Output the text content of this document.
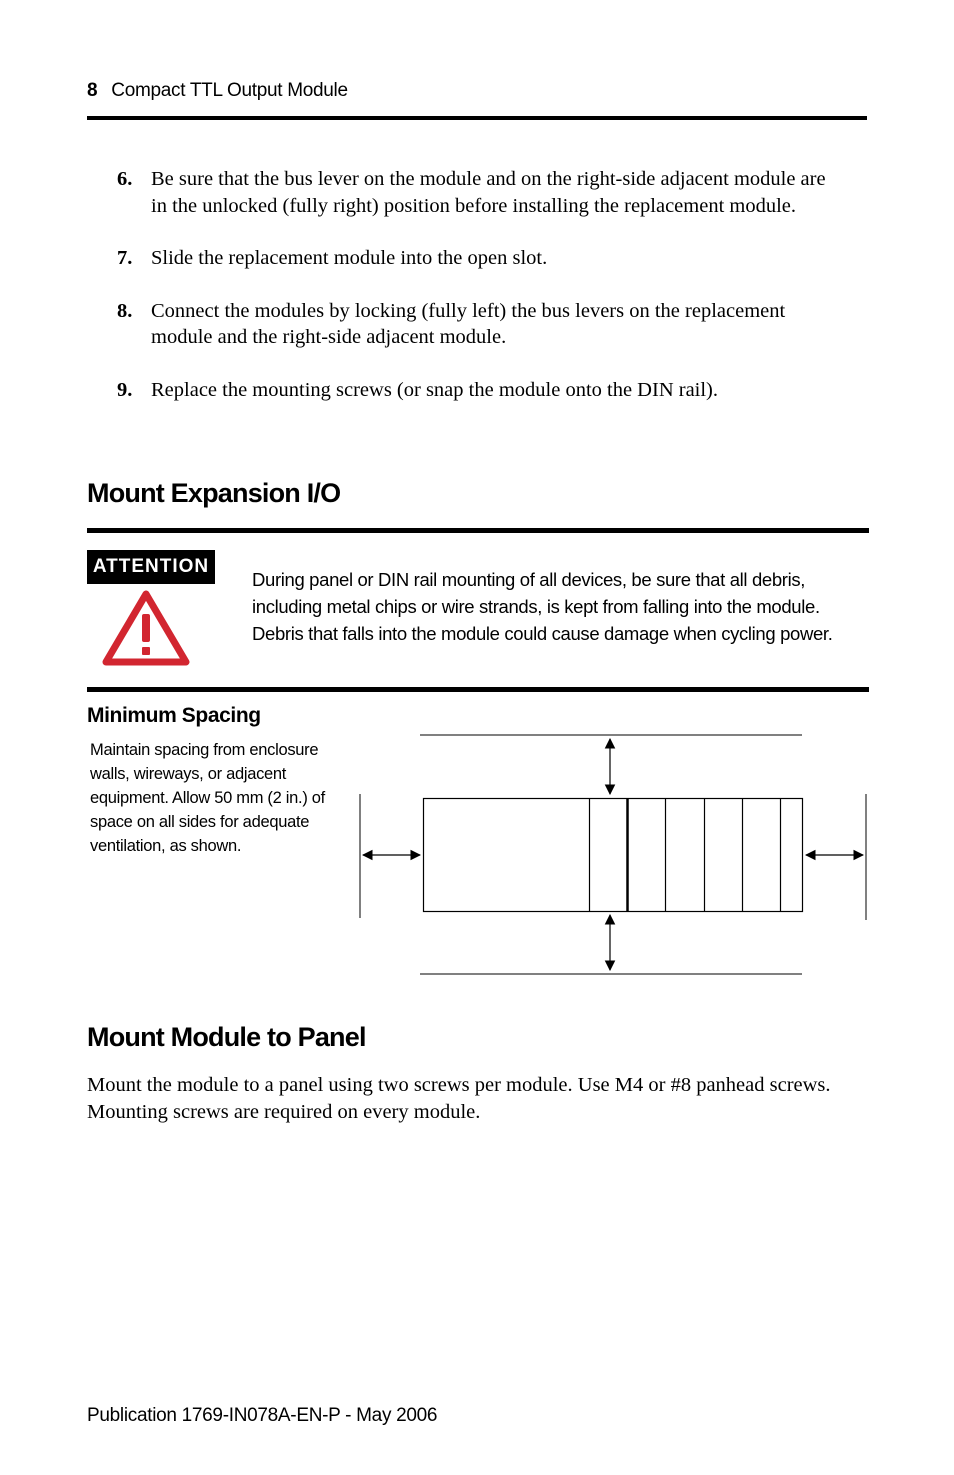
8 Compact TTL Output Module
6. Be sure that the bus lever on the module and on the right-side adjacent module are in the unlocked (fully right) position before installing the replacement module.
7. Slide the replacement module into the open slot.
8. Connect the modules by locking (fully left) the bus levers on the replacement module and the right-side adjacent module.
9. Replace the mounting screws (or snap the module onto the DIN rail).
Mount Expansion I/O
ATTENTION
During panel or DIN rail mounting of all devices, be sure that all debris, including metal chips or wire strands, is kept from falling into the module. Debris that falls into the module could cause damage when cycling power.
Minimum Spacing
Maintain spacing from enclosure walls, wireways, or adjacent equipment. Allow 50 mm (2 in.) of space on all sides for adequate ventilation, as shown.
Mount Module to Panel

Mount the module to a panel using two screws per module. Use M4 or #8 panhead screws. Mounting screws are required on every module.

Publication 1769-IN078A-EN-P - May 2006
